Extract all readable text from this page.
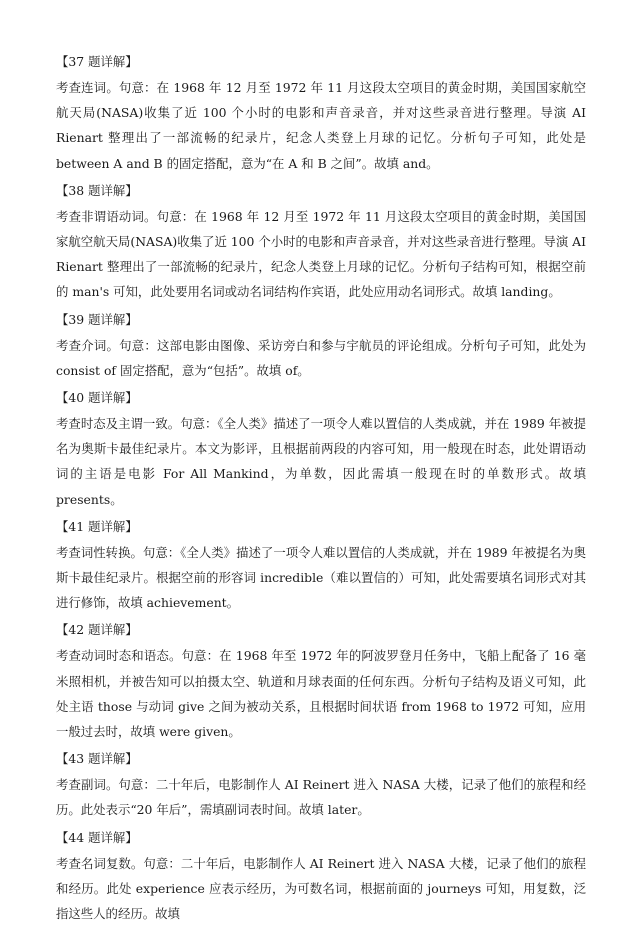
【37 题详解】

考查连词。句意：在 1968 年 12 月至 1972 年 11 月这段太空项目的黄金时期，美国国家航空航天局(NASA)收集了近 100 个小时的电影和声音录音，并对这些录音进行整理。导演 AI Rienart 整理出了一部流畅的纪录片，纪念人类登上月球的记忆。分析句子可知，此处是 between A and B 的固定搭配，意为“在 A 和 B 之间”。故填 and。

【38 题详解】

考查非谓语动词。句意：在 1968 年 12 月至 1972 年 11 月这段太空项目的黄金时期，美国国家航空航天局(NASA)收集了近 100 个小时的电影和声音录音，并对这些录音进行整理。导演 AI Rienart 整理出了一部流畅的纪录片，纪念人类登上月球的记忆。分析句子结构可知，根据空前的 man's 可知，此处要用名词或动名词结构作宾语，此处应用动名词形式。故填 landing。

【39 题详解】

考查介词。句意：这部电影由图像、采访旁白和参与宇航员的评论组成。分析句子可知，此处为 consist of 固定搭配，意为“包括”。故填 of。

【40 题详解】

考查时态及主谓一致。句意：《全人类》描述了一项令人难以置信的人类成就，并在 1989 年被提名为奥斯卡最佳纪录片。本文为影评，且根据前两段的内容可知，用一般现在时态，此处谓语动词的主语是电影 For All Mankind，为单数，因此需填一般现在时的单数形式。故填 presents。

【41 题详解】

考查词性转换。句意：《全人类》描述了一项令人难以置信的人类成就，并在 1989 年被提名为奥斯卡最佳纪录片。根据空前的形容词 incredible（难以置信的）可知，此处需要填名词形式对其进行修饰，故填 achievement。

【42 题详解】

考查动词时态和语态。句意：在 1968 年至 1972 年的阿波罗登月任务中，飞船上配备了 16 毫米照相机，并被告知可以拍摄太空、轨道和月球表面的任何东西。分析句子结构及语义可知，此处主语 those 与动词 give 之间为被动关系，且根据时间状语 from 1968 to 1972 可知，应用一般过去时，故填 were given。

【43 题详解】

考查副词。句意：二十年后，电影制作人 AI Reinert 进入 NASA 大楼，记录了他们的旅程和经历。此处表示“20 年后”，需填副词表时间。故填 later。

【44 题详解】

考查名词复数。句意：二十年后，电影制作人 AI Reinert 进入 NASA 大楼，记录了他们的旅程和经历。此处 experience 应表示经历，为可数名词，根据前面的 journeys 可知，用复数，泛指这些人的经历。故填
